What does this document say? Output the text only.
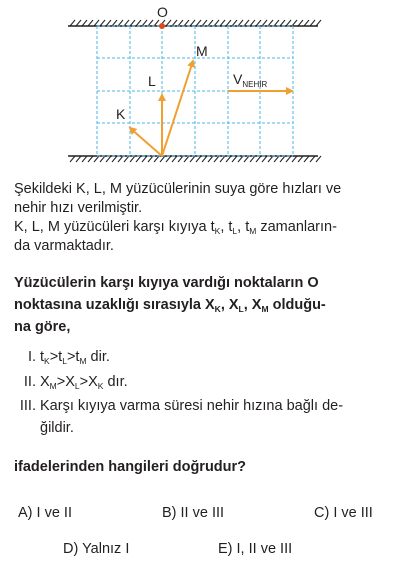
O
K
L
M
$V_{NEHİR}$
Şekildeki K, L, M yüzücülerinin suya göre hızları ve
nehir hızı verilmiştir.
K, L, M yüzücüleri karşı kıyıya $t_K$, $t_L$, $t_M$ zamanların-
da varmaktadır.
Yüzücülerin karşı kıyıya vardığı noktaların O
noktasına uzaklığı sırasıyla $X_K$, $X_L$, $X_M$ olduğu-
na göre,
I. $t_K>t_L>t_M$ dir.
II. $X_M>X_L>X_K$ dır.
III. Karşı kıyıya varma süresi nehir hızına bağlı de-
ğildir.
ifadelerinden hangileri doğrudur?
A) I ve II	B) II ve III	C) I ve III
D) Yalnız I	E) I, II ve III
